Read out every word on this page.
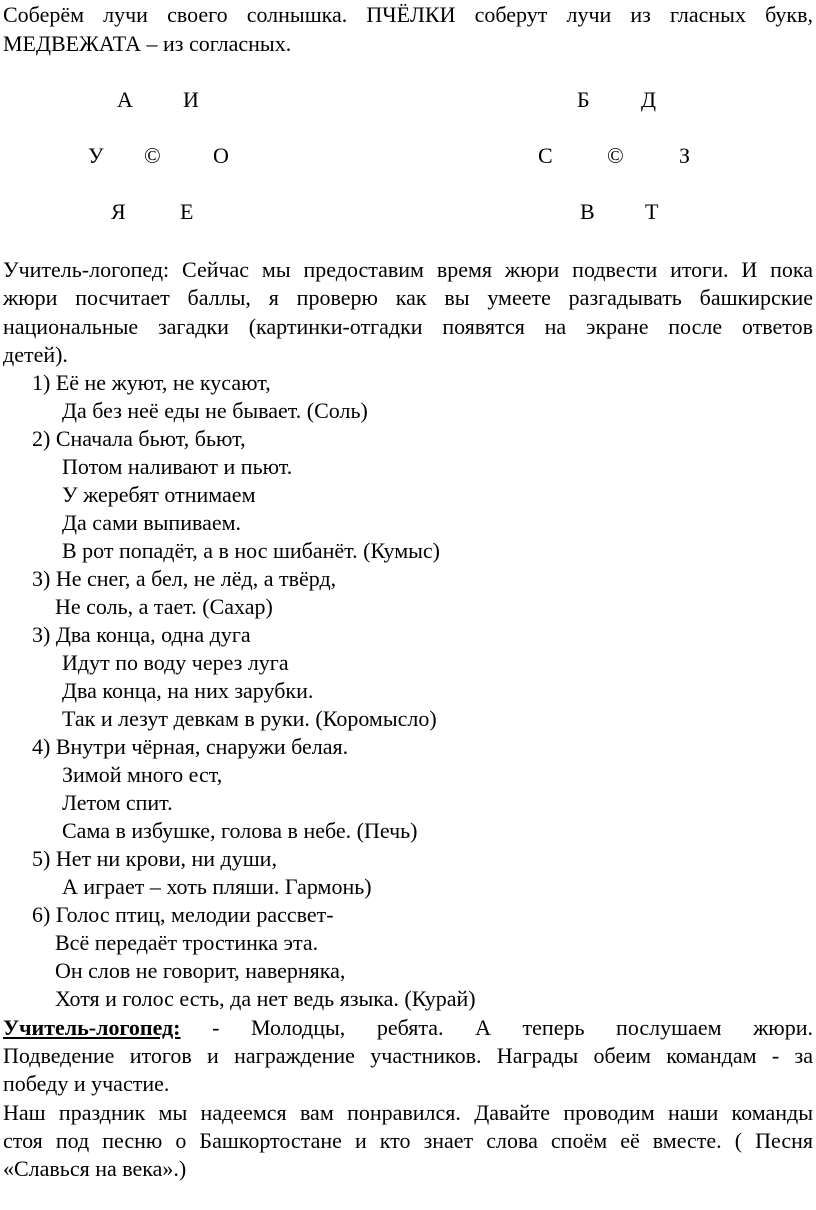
Соберём лучи своего солнышка. ПЧЁЛКИ соберут лучи из гласных букв,
МЕДВЕЖАТА – из согласных.
А И
У © О
Я Е
Б Д
С ©	З
В Т
Учитель-логопед: Сейчас мы предоставим время жюри подвести итоги. И пока
жюри посчитает баллы, я проверю как вы умеете разгадывать башкирские
национальные загадки (картинки-отгадки появятся на экране после ответов
детей).
1) Её не жуют, не кусают,
Да без неё еды не бывает. (Соль)
2) Сначала бьют, бьют,
Потом наливают и пьют.
У жеребят отнимаем
Да сами выпиваем.
В рот попадёт, а в нос шибанёт. (Кумыс)
3) Не снег, а бел, не лёд, а твёрд,
Не соль, а тает. (Сахар)
3) Два конца, одна дуга
Идут по воду через луга
Два конца, на них зарубки.
Так и лезут девкам в руки. (Коромысло)
4) Внутри чёрная, снаружи белая.
Зимой много ест,
Летом спит.
Сама в избушке, голова в небе. (Печь)
5) Нет ни крови, ни души,
А играет – хоть пляши. Гармонь)
6) Голос птиц, мелодии рассвет-
Всё передаёт тростинка эта.
Он слов не говорит, наверняка,
Хотя и голос есть, да нет ведь языка. (Курай)
Учитель-логопед: - Молодцы, ребята. А теперь послушаем жюри.
Подведение итогов и награждение участников. Награды обеим командам - за
победу и участие.
Наш праздник мы надеемся вам понравился. Давайте проводим наши команды
стоя под песню о Башкортостане и кто знает слова споём её вместе. ( Песня
«Славься на века».)
